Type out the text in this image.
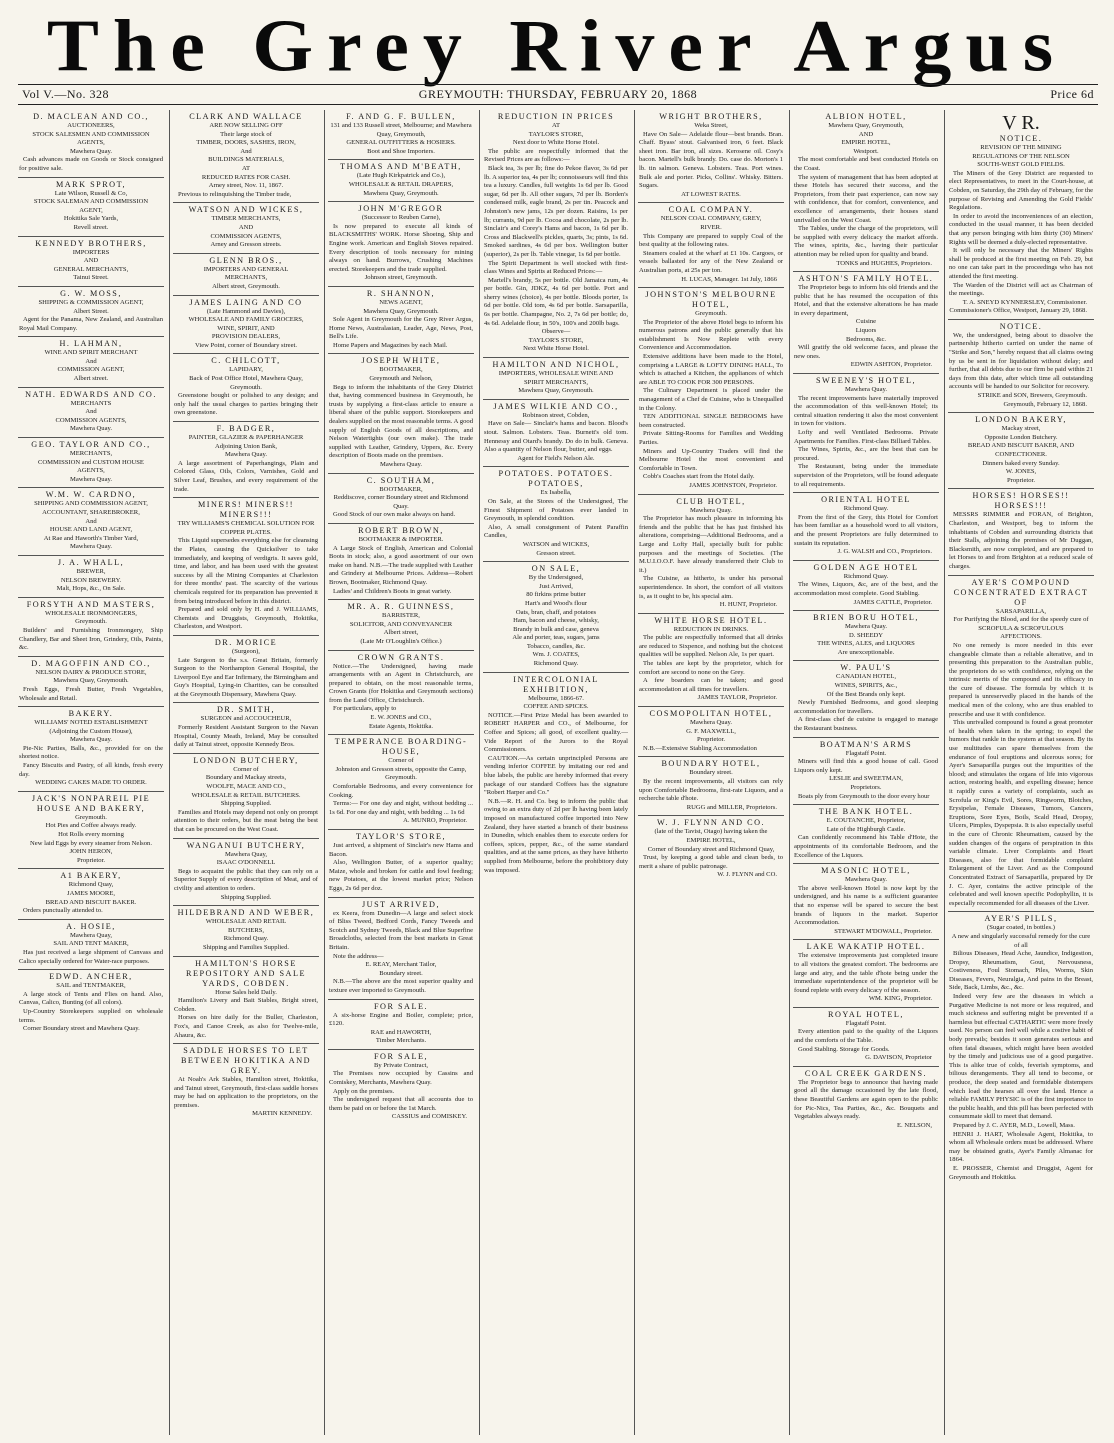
The Grey River Argus
Vol V.—No. 328	GREYMOUTH: THURSDAY, FEBRUARY 20, 1868	Price 6d
D. MACLEAN AND CO.,
AUCTIONEERS,
STOCK SALESMEN AND COMMISSION
AGENTS,
Mawhera Quay.
Cash advances made on Goods or Stock consigned for positive sale.
MARK SPROT,
Late Wilson, Russell & Co,
STOCK SALEMAN AND COMMISSION
AGENT,
Hokitika Sale Yards,
Revell street.
KENNEDY BROTHERS,
IMPORTERS
AND
GENERAL MERCHANTS,
Tainui Street.
G. W. MOSS,
SHIPPING & COMMISSION AGENT,
Albert Street.
Agent for the Panama, New Zealand, and Australian Royal Mail Company.
H. LAHMAN,
WINE AND SPIRIT MERCHANT
And
COMMISSION AGENT,
Albert street.
NATH. EDWARDS AND CO.
MERCHANTS
And
COMMISSION AGENTS,
Mawhera Quay.
GEO. TAYLOR AND CO.,
MERCHANTS,
COMMISSION and CUSTOM HOUSE
AGENTS,
Mawhera Quay.
W.M. W. CARDNO,
SHIPPING AND COMMISSION AGENT,
ACCOUNTANT, SHAREBROKER,
And
HOUSE AND LAND AGENT,
At Rae and Haworth's Timber Yard,
Mawhera Quay.
J. A. WHALL,
BREWER,
NELSON BREWERY.
Malt, Hops, &c., On Sale.
FORSYTH AND MASTERS,
WHOLESALE IRONMONGERS,
Greymouth.
Builders' and Furnishing Ironmongery, Ship Chandlery, Bar and Sheet Iron, Grindery, Oils, Paints, &c.
D. MAGOFFIN AND CO.,
NELSON DAIRY & PRODUCE STORE,
Mawhera Quay, Greymouth.
Fresh Eggs, Fresh Butter, Fresh Vegetables, Wholesale and Retail.
BAKERY.
WILLIAMS' NOTED ESTABLISHMENT
(Adjoining the Custom House),
Mawhera Quay.
Pie-Nic Parties, Balls, &c., provided for on the shortest notice.
Fancy Biscuits and Pastry, of all kinds, fresh every day.
WEDDING CAKES MADE TO ORDER.
JACK'S NONPAREIL PIE HOUSE AND BAKERY,
Greymouth.
Hot Pies and Coffee always ready.
Hot Rolls every morning
New laid Eggs by every steamer from Nelson.
JOHN HERON,
Proprietor.
A1 BAKERY,
Richmond Quay,
JAMES MOORE,
BREAD AND BISCUIT BAKER.
Orders punctually attended to.
A. HOSIE,
Mawhera Quay,
SAIL AND TENT MAKER,
Has just received a large shipment of Canvass and Calico specially ordered for Water-race purposes.
EDWD. ANCHER,
SAIL and TENTMAKER,
A large stock of Tents and Flies on hand. Also, Canvas, Calico, Bunting (of all colors).
Up-Country Storekeepers supplied on wholesale terms.
Corner Boundary street and Mawhera Quay.
CLARK AND WALLACE
ARE NOW SELLING OFF
Their large stock of
TIMBER, DOORS, SASHES, IRON,
And
BUILDINGS MATERIALS,
AT
REDUCED RATES FOR CASH.
Arney street, Nov. 11, 1867.
Previous to relinquishing the Timber trade,
WATSON AND WICKES,
TIMBER MERCHANTS,
AND
COMMISSION AGENTS,
Arney and Gresson streets.
GLENN BROS.,
IMPORTERS AND GENERAL
MERCHANTS,
Albert street, Greymouth.
JAMES LAING AND CO
(Late Hammond and Davies),
WHOLESALE AND FAMILY GROCERS,
WINE, SPIRIT, AND
PROVISION DEALERS,
View Point, corner of Boundary street.
C. CHILCOTT,
LAPIDARY,
Back of Post Office Hotel, Mawhera Quay, Greymouth.
Greenstone bought or polished to any design; and only half the usual charges to parties bringing their own greenstone.
F. BADGER,
PAINTER, GLAZIER & PAPERHANGER
Adjoining Union Bank,
Mawhera Quay.
A large assortment of Paperhangings, Plain and Colored Glass, Oils, Colors, Varnishes, Gold and Silver Leaf, Brushes, and every requirement of the trade.
MINERS! MINERS!! MINERS!!!
TRY WILLIAMS'S CHEMICAL SOLUTION FOR COPPER PLATES.
This Liquid supersedes everything else for cleansing the Plates, causing the Quicksilver to take immediately, and keeping of verdigris. It saves gold, time, and labor, and has been used with the greatest success by all the Mining Companies at Charleston for three months' past. The scarcity of the various chemicals required for its preparation has prevented it from being introduced before in this district.
Prepared and sold only by H. and J. WILLIAMS, Chemists and Druggists, Greymouth, Hokitika, Charleston, and Westport.
DR. MORICE
(Surgeon),
Late Surgeon to the s.s. Great Britain, formerly Surgeon to the Northampton General Hospital, the Liverpool Eye and Ear Infirmary, the Birmingham and Guy's Hospital, Lying-in Charities, can be consulted at the Greymouth Dispensary, Mawhera Quay.
DR. SMITH,
SURGEON and ACCOUCHEUR,
Formerly Resident Assistant Surgeon to the Navan Hospital, County Meath, Ireland, May be consulted daily at Tainui street, opposite Kennedy Bros.
LONDON BUTCHERY,
Corner of
Boundary and Mackay streets,
WOOLFE, MACE AND CO.,
WHOLESALE & RETAIL BUTCHERS.
Shipping Supplied.
Families and Hotels may depend not only on prompt attention to their orders, but the meat being the best that can be procured on the West Coast.
WANGANUI BUTCHERY,
Mawhera Quay,
ISAAC O'DONNELL
Begs to acquaint the public that they can rely on a Superior Supply of every description of Meat, and of civility and attention to orders.
Shipping Supplied.
HILDEBRAND AND WEBER,
WHOLESALE AND RETAIL
BUTCHERS,
Richmond Quay.
Shipping and Families Supplied.
HAMILTON'S HORSE REPOSITORY AND SALE YARDS, COBDEN.
Horse Sales held Daily.
Hamilton's Livery and Bait Stables, Bright street, Cobden.
Horses on hire daily for the Buller, Charleston, Fox's, and Canoe Creek, as also for Twelve-mile, Ahaura, &c.
SADDLE HORSES TO LET BETWEEN HOKITIKA AND GREY.
At Noah's Ark Stables, Hamilton street, Hokitika, and Tainui street, Greymouth, first-class saddle horses may be had on application to the proprietors, on the premises.
MARTIN KENNEDY.
F. AND G. F. BULLEN,
131 and 133 Russell street, Melbourne; and Mawhera Quay, Greymouth,
GENERAL OUTFITTERS & HOSIERS.
Boot and Shoe Importers.
THOMAS AND M'BEATH,
(Late Hugh Kirkpatrick and Co.),
WHOLESALE & RETAIL DRAPERS,
Mawhera Quay, Greymouth.
JOHN M'GREGOR
(Successor to Reuben Carne),
Is now prepared to execute all kinds of BLACKSMITHS' WORK. Horse Shoeing, Ship and Engine work. American and English Stoves repaired. Every description of tools necessary for mining always on hand. Burrows, Crushing Machines erected. Storekeepers and the trade supplied.
Johnson street, Greymouth.
R. SHANNON,
NEWS AGENT,
Mawhera Quay, Greymouth.
Sole Agent in Greymouth for the Grey River Argus, Home News, Australasian, Leader, Age, News, Post, Bell's Life.
Home Papers and Magazines by each Mail.
JOSEPH WHITE,
BOOTMAKER,
Greymouth and Nelson,
Begs to inform the inhabitants of the Grey District that, having commenced business in Greymouth, he trusts by supplying a first-class article to ensure a liberal share of the public support. Storekeepers and dealers supplied on the most reasonable terms. A good supply of English Goods of all descriptions, and Nelson Watertights (our own make). The trade supplied with Leather, Grindery, Uppers, &c. Every description of Boots made on the premises.
Mawhera Quay.
C. SOUTHAM,
BOOTMAKER,
Reddiscove, corner Boundary street and Richmond Quay.
Good Stock of our own make always on hand.
ROBERT BROWN,
BOOTMAKER & IMPORTER.
A Large Stock of English, American and Colonial Boots in stock; also, a good assortment of our own make on hand. N.B.—The trade supplied with Leather and Grindery at Melbourne Prices. Address—Robert Brown, Bootmaker, Richmond Quay.
Ladies' and Children's Boots in great variety.
MR. A. R. GUINNESS,
BARRISTER,
SOLICITOR, AND CONVEYANCER
Albert street,
(Late Mr O'Loughlin's Office.)
CROWN GRANTS.
Notice.—The Undersigned, having made arrangements with an Agent in Christchurch, are prepared to obtain, on the most reasonable terms, Crown Grants (for Hokitika and Greymouth sections) from the Land Office, Christchurch.
For particulars, apply to
E. W. JONES and CO.,
Estate Agents, Hokitika.
TEMPERANCE BOARDING-HOUSE,
Corner of
Johnston and Gresson streets, opposite the Camp, Greymouth.
Comfortable Bedrooms, and every convenience for Cooking.
Terms:— For one day and night, without bedding ... 1s 6d. For one day and night, with bedding ... 1s 6d
A. MUNRO, Proprietor.
TAYLOR'S STORE,
Just arrived, a shipment of Sinclair's new Hams and Bacon.
Also, Wellington Butter, of a superior quality; Maize, whole and broken for cattle and fowl feeding; new Potatoes, at the lowest market price; Nelson Eggs, 2s 6d per doz.
JUST ARRIVED,
ex Keera, from Dunedin—A large and select stock of Bliss Tweed, Bedford Cords, Fancy Tweeds and Scotch and Sydney Tweeds, Black and Blue Superfine Broadcloths, selected from the best markets in Great Britain.
Note the address—
E. REAY, Merchant Tailor,
Boundary street.
N.B.—The above are the most superior quality and texture ever imported to Greymouth.
FOR SALE.
A six-horse Engine and Boiler, complete; price, £120.
RAE and HAWORTH,
Timber Merchants.
FOR SALE,
By Private Contract,
The Premises now occupied by Cassins and Comiskey, Merchants, Mawhera Quay.
Apply on the premises.
The undersigned request that all accounts due to them be paid on or before the 1st March.
CASSIUS and COMISKEY.
REDUCTION IN PRICES
AT
TAYLOR'S STORE,
Next door to White Horse Hotel.
The public are respectfully informed that the Revised Prices are as follows:—
Black tea, 3s per lb; fine do Pekoe flavor, 3s 6d per lb. A superior tea, 4s per lb; connoisseurs will find this tea a luxury. Candles, full weights 1s 6d per lb. Good sugar, 6d per lb. All other sugars, 7d per lb. Borden's condensed milk, eagle brand, 2s per tin. Peacock and Johnston's new jams, 12s per dozen. Raisins, 1s per lb; currants, 9d per lb. Cocoa and chocolate, 2s per lb. Sinclair's and Corey's Hams and bacon, 1s 6d per lb. Cross and Blackwell's pickles, quarts, 3s; pints, 1s 6d. Smoked sardines, 4s 6d per box. Wellington butter (superior), 2s per lb. Table vinegar, 1s 6d per bottle.
The Spirit Department is well stocked with first-class Wines and Spirits at Reduced Prices:—
Martell's brandy, 5s per bottle. Old Jamaica rum, 4s per bottle. Gin, JDKZ, 4s 6d per bottle. Port and sherry wines (choice), 4s per bottle. Bloods porter, 1s 6d per bottle. Old tom, 4s 6d per bottle. Sarsaparilla, 6s per bottle. Champagne, No. 2, 7s 6d per bottle; do, 4s 6d. Adelaide flour, in 50's, 100's and 200lb bags.
Observe—
TAYLOR'S STORE,
Next White Horse Hotel.
HAMILTON AND NICHOL,
IMPORTERS, WHOLESALE WINE AND
SPIRIT MERCHANTS,
Mawhera Quay, Greymouth.
JAMES WILKIE AND CO.,
Robinson street, Cobden,
Have on Sale— Sinclair's hams and bacon. Blood's stout. Salmon. Lobsters. Teas. Burnett's old tom. Hennessy and Otard's brandy. Do do in bulk. Geneva. Also a quantity of Nelson flour, butter, and eggs.
Agent for Field's Nelson Ale.
POTATOES. POTATOES. POTATOES,
Ex Isabella,
On Sale, at the Stores of the Undersigned, The Finest Shipment of Potatoes ever landed in Greymouth, in splendid condition.
Also, A small consignment of Patent Paraffin Candles,
WATSON and WICKES,
Gresson street.
ON SALE,
By the Undersigned,
Just Arrived,
80 firkins prime butter
Hart's and Wood's flour
Oats, bran, chaff, and potatoes
Ham, bacon and cheese, whisky,
Brandy in bulk and case, geneva
Ale and porter, teas, sugars, jams
Tobacco, candles, &c.
Wm. J. COATES,
Richmond Quay.
INTERCOLONIAL EXHIBITION,
Melbourne, 1866-67.
COFFEE AND SPICES.
NOTICE.—First Prize Medal has been awarded to ROBERT HARPER and CO., of Melbourne, for Coffee and Spices; all good, of excellent quality.—Vide Report of the Jurors to the Royal Commissioners.
CAUTION.—As certain unprincipled Persons are vending inferior COFFEE by imitating our red and blue labels, the public are hereby informed that every package of our standard Coffees has the signature "Robert Harper and Co."
N.B.—R. H. and Co. beg to inform the public that owing to an extra duty of 2d per lb having been lately imposed on manufactured coffee imported into New Zealand, they have started a branch of their business in Dunedin, which enables them to execute orders for coffees, spices, pepper, &c., of the same standard qualities, and at the same prices, as they have hitherto supplied from Melbourne, before the prohibitory duty was imposed.
WRIGHT BROTHERS,
Weka Street,
Have On Sale— Adelaide flour—best brands. Bran. Chaff. Byass' stout. Galvanised iron, 6 feet. Black sheet iron. Bar iron, all sizes. Kerosene oil. Cosy's bacon. Martell's bulk brandy. Do. case do. Morton's 1 lb. tin salmon. Geneva. Lobsters. Teas. Port wines. Bulk ale and porter. Picks, Collins'. Whisky. Bitters. Sugars.
AT LOWEST RATES.
COAL COMPANY.
NELSON COAL COMPANY, GREY,
RIVER.
This Company are prepared to supply Coal of the best quality at the following rates.
Steamers coaled at the wharf at £1 10s. Cargoes, or vessels ballasted for any of the New Zealand or Australian ports, at 25s per ton.
H. LUCAS, Manager. 1st July, 1866
JOHNSTON'S MELBOURNE HOTEL,
Greymouth.
The Proprietor of the above Hotel begs to inform his numerous patrons and the public generally that his establishment Is Now Replete with every Convenience and Accommodation.
Extensive additions have been made to the Hotel, comprising a LARGE & LOFTY DINING HALL, To which is attached a Kitchen, the appliances of which are ABLE TO COOK FOR 300 PERSONS.
The Culinary Department is placed under the management of a Chef de Cuisine, who is Unequalled in the Colony.
TEN ADDITIONAL SINGLE BEDROOMS have been constructed.
Private Sitting-Rooms for Families and Wedding Parties.
Miners and Up-Country Traders will find the Melbourne Hotel the most convenient and Comfortable in Town.
Cobb's Coaches start from the Hotel daily.
JAMES JOHNSTON, Proprietor.
CLUB HOTEL,
Mawhera Quay.
The Proprietor has much pleasure in informing his friends and the public that he has just finished his alterations, comprising—Additional Bedrooms, and a Large and Lofty Hall, specially built for public purposes and the meetings of Societies. (The M.U.I.O.O.F. have already transferred their Club to it.)
The Cuisine, as hitherto, is under his personal superintendence. In short, the comfort of all visitors is, as it ought to be, his special aim.
H. HUNT, Proprietor.
WHITE HORSE HOTEL.
REDUCTION IN DRINKS.
The public are respectfully informed that all drinks are reduced to Sixpence, and nothing but the choicest qualities will be supplied. Nelson Ale, 1s per quart.
The tables are kept by the proprietor, which for comfort are second to none on the Grey.
A few boarders can be taken; and good accommodation at all times for travellers.
JAMES TAYLOR, Proprietor.
COSMOPOLITAN HOTEL,
Mawhera Quay.
G. F. MAXWELL,
Proprietor.
N.B.—Extensive Stabling Accommodation
BOUNDARY HOTEL,
Boundary street.
By the recent improvements, all visitors can rely upon Comfortable Bedrooms, first-rate Liquors, and a recherche table d'hote.
RUGG and MILLER, Proprietors.
W. J. FLYNN AND CO.
(late of the Tavist, Otago) having taken the
EMPIRE HOTEL,
Corner of Boundary street and Richmond Quay,
Trust, by keeping a good table and clean beds, to merit a share of public patronage.
W. J. FLYNN and CO.
ALBION HOTEL,
Mawhera Quay, Greymouth,
AND
EMPIRE HOTEL,
Westport.
The most comfortable and best conducted Hotels on the Coast.
The system of management that has been adopted at these Hotels has secured their success, and the Proprietors, from their past experience, can now say with confidence, that for comfort, convenience, and excellence of arrangements, their houses stand unrivalled on the West Coast.
The Tables, under the charge of the proprietors, will be supplied with every delicacy the market affords. The wines, spirits, &c., having their particular attention may be relied upon for quality and brand.
TONKS and HUGHES, Proprietors.
ASHTON'S FAMILY HOTEL.
The Proprietor begs to inform his old friends and the public that he has resumed the occupation of this Hotel, and that the extensive alterations he has made in every department,
Cuisine
Liquors
Bedrooms, &c.
Will gratify the old welcome faces, and please the new ones.
EDWIN ASHTON, Proprietor.
SWEENEY'S HOTEL,
Mawhera Quay.
The recent improvements have materially improved the accommodation of this well-known Hotel; its central situation rendering it also the most convenient in town for visitors.
Lofty and well Ventilated Bedrooms. Private Apartments for Families. First-class Billiard Tables.
The Wines, Spirits, &c., are the best that can be procured.
The Restaurant, being under the immediate supervision of the Proprietors, will be found adequate to all requirements.
ORIENTAL HOTEL
Richmond Quay.
From the first of the Grey, this Hotel for Comfort has been familiar as a household word to all visitors, and the present Proprietors are fully determined to sustain its reputation.
J. G. WALSH and CO., Proprietors.
GOLDEN AGE HOTEL
Richmond Quay.
The Wines, Liquors, &c, are of the best, and the accommodation most complete. Good Stabling.
JAMES CATTLE, Proprietor.
BRIEN BORU HOTEL,
Mawhera Quay.
D. SHEEDY
THE WINES, ALES, and LIQUORS
Are unexceptionable.
W. PAUL'S
CANADIAN HOTEL,
WINES, SPIRITS, &c.,
Of the Best Brands only kept.
Newly Furnished Bedrooms, and good sleeping accommodation for travellers.
A first-class chef de cuisine is engaged to manage the Restaurant business.
BOATMAN'S ARMS
Flagstaff Point.
Miners will find this a good house of call. Good Liquors only kept.
LESLIE and SWEETMAN,
Proprietors.
Boats ply from Greymouth to the door every hour
THE BANK HOTEL.
E. COUTANCHE, Proprietor,
Late of the Highburgh Castle.
Can confidently recommend his Table d'Hote, the appointments of its comfortable Bedroom, and the Excellence of the Liquors.
MASONIC HOTEL,
Mawhera Quay.
The above well-known Hotel is now kept by the undersigned, and his name is a sufficient guarantee that no expense will be spared to secure the best brands of liquors in the market. Superior Accommodation.
STEWART M'DOWALL, Proprietor.
LAKE WAKATIP HOTEL.
The extensive improvements just completed insure to all visitors the greatest comfort. The bedrooms are large and airy, and the table d'hote being under the immediate superintendence of the proprietor will be found replete with every delicacy of the season.
WM. KING, Proprietor.
ROYAL HOTEL,
Flagstaff Point.
Every attention paid to the quality of the Liquors and the comforts of the Table.
Good Stabling. Storage for Goods.
G. DAVISON, Proprietor
COAL CREEK GARDENS.
The Proprietor begs to announce that having made good all the damage occasioned by the late flood, these Beautiful Gardens are again open to the public for Pic-Nics, Tea Parties, &c., &c. Bouquets and Vegetables always ready.
E. NELSON,
V R.
NOTICE.
REVISION OF THE MINING
REGULATIONS OF THE NELSON
SOUTH-WEST GOLD FIELDS.
The Miners of the Grey District are requested to elect Representatives, to meet in the Court-house, at Cobden, on Saturday, the 29th day of February, for the purpose of Revising and Amending the Gold Fields' Regulations.
In order to avoid the inconveniences of an election, conducted in the usual manner, it has been decided that any person bringing with him thirty (30) Miners' Rights will be deemed a duly-elected representative.
It will only be necessary that the Miners' Rights shall be produced at the first meeting on Feb. 29, but no one can take part in the proceedings who has not attended the first meeting.
The Warden of the District will act as Chairman of the meetings.
T. A. SNEYD KYNNERSLEY, Commissioner. Commissioner's Office, Westport, January 29, 1868.
NOTICE.
We, the undersigned, being about to dissolve the partnership hitherto carried on under the name of "Strike and Son," hereby request that all claims owing by us be sent in for liquidation without delay; and further, that all debts due to our firm be paid within 21 days from this date, after which time all outstanding accounts will be handed to our Solicitor for recovery.
STRIKE and SON, Brewers, Greymouth. Greymouth, February 12, 1868.
LONDON BAKERY,
Mackay street,
Opposite London Butchery.
BREAD AND BISCUIT BAKER, AND
CONFECTIONER.
Dinners baked every Sunday.
W. JONES,
Proprietor.
HORSES! HORSES!! HORSES!!!
MESSRS RIMMER and FORAN, of Brighton, Charleston, and Westport, beg to inform the inhabitants of Cobden and surrounding districts that their Stalls, adjoining the premises of Mr Duggan, Blacksmith, are now completed, and are prepared to let Horses to and from Brighton at a reduced scale of charges.
AYER'S COMPOUND CONCENTRATED EXTRACT OF
SARSAPARILLA,
For Purifying the Blood, and for the speedy cure of
SCROFULA & SCROFULOUS
AFFECTIONS.
No one remedy is more needed in this ever changeable climate than a reliable alterative, and in presenting this preparation to the Australian public, the proprietors do so with confidence, relying on the intrinsic merits of the compound and its efficacy in the cure of disease. The formula by which it is prepared is unreservedly placed in the hands of the medical men of the colony, who are thus enabled to prescribe and use it with confidence.
This unrivalled compound is found a great promoter of health when taken in the spring; to expel the humors that rankle in the system at that season. By its use multitudes can spare themselves from the endurance of foul eruptions and ulcerous sores; for Ayer's Sarsaparilla purges out the impurities of the blood; and stimulates the organs of life into vigorous action, restoring health, and expelling disease; hence it rapidly cures a variety of complaints, such as Scrofula or King's Evil, Sores, Ringworm, Blotches, Erysipelas, Female Diseases, Tumors, Cancers, Eruptions, Sore Eyes, Boils, Scald Head, Dropsy, Ulcers, Pimples, Dyspepsia. It is also especially useful in the cure of Chronic Rheumatism, caused by the sudden changes of the organs of perspiration in this variable climate. Liver Complaints and Heart Diseases, also for that formidable complaint Enlargement of the Liver. And as the Compound Concentrated Extract of Sarsaparilla, prepared by Dr J. C. Ayer, contains the active principle of the celebrated and well known specific Podophyllin, it is especially recommended for all diseases of the Liver.
AYER'S PILLS,
(Sugar coated, in bottles.)
A new and singularly successful remedy for the cure of all
Bilious Diseases, Head Ache, Jaundice, Indigestion, Dropsy, Rheumatism, Gout, Nervousness, Costiveness, Foul Stomach, Piles, Worms, Skin Diseases, Fevers, Neuralgia, And pains in the Breast, Side, Back, Limbs, &c., &c.
Indeed very few are the diseases in which a Purgative Medicine is not more or less required, and much sickness and suffering might be prevented if a harmless but effectual CATHARTIC were more freely used. No person can feel well while a costive habit of body prevails; besides it soon generates serious and often fatal diseases, which might have been avoided by the timely and judicious use of a good purgative. This is alike true of colds, feverish symptoms, and bilious derangements. They all tend to become, or produce, the deep seated and formidable distempers which load the hearses all over the land. Hence a reliable FAMILY PHYSIC is of the first importance to the public health, and this pill has been perfected with consummate skill to meet that demand.
Prepared by J. C. AYER, M.D., Lowell, Mass.
HENRI J. HART, Wholesale Agent, Hokitika, to whom all Wholesale orders must be addressed. Where may be obtained gratis, Ayer's Family Almanac for 1864.
E. PROSSER, Chemist and Druggist, Agent for Greymouth and Hokitika.
